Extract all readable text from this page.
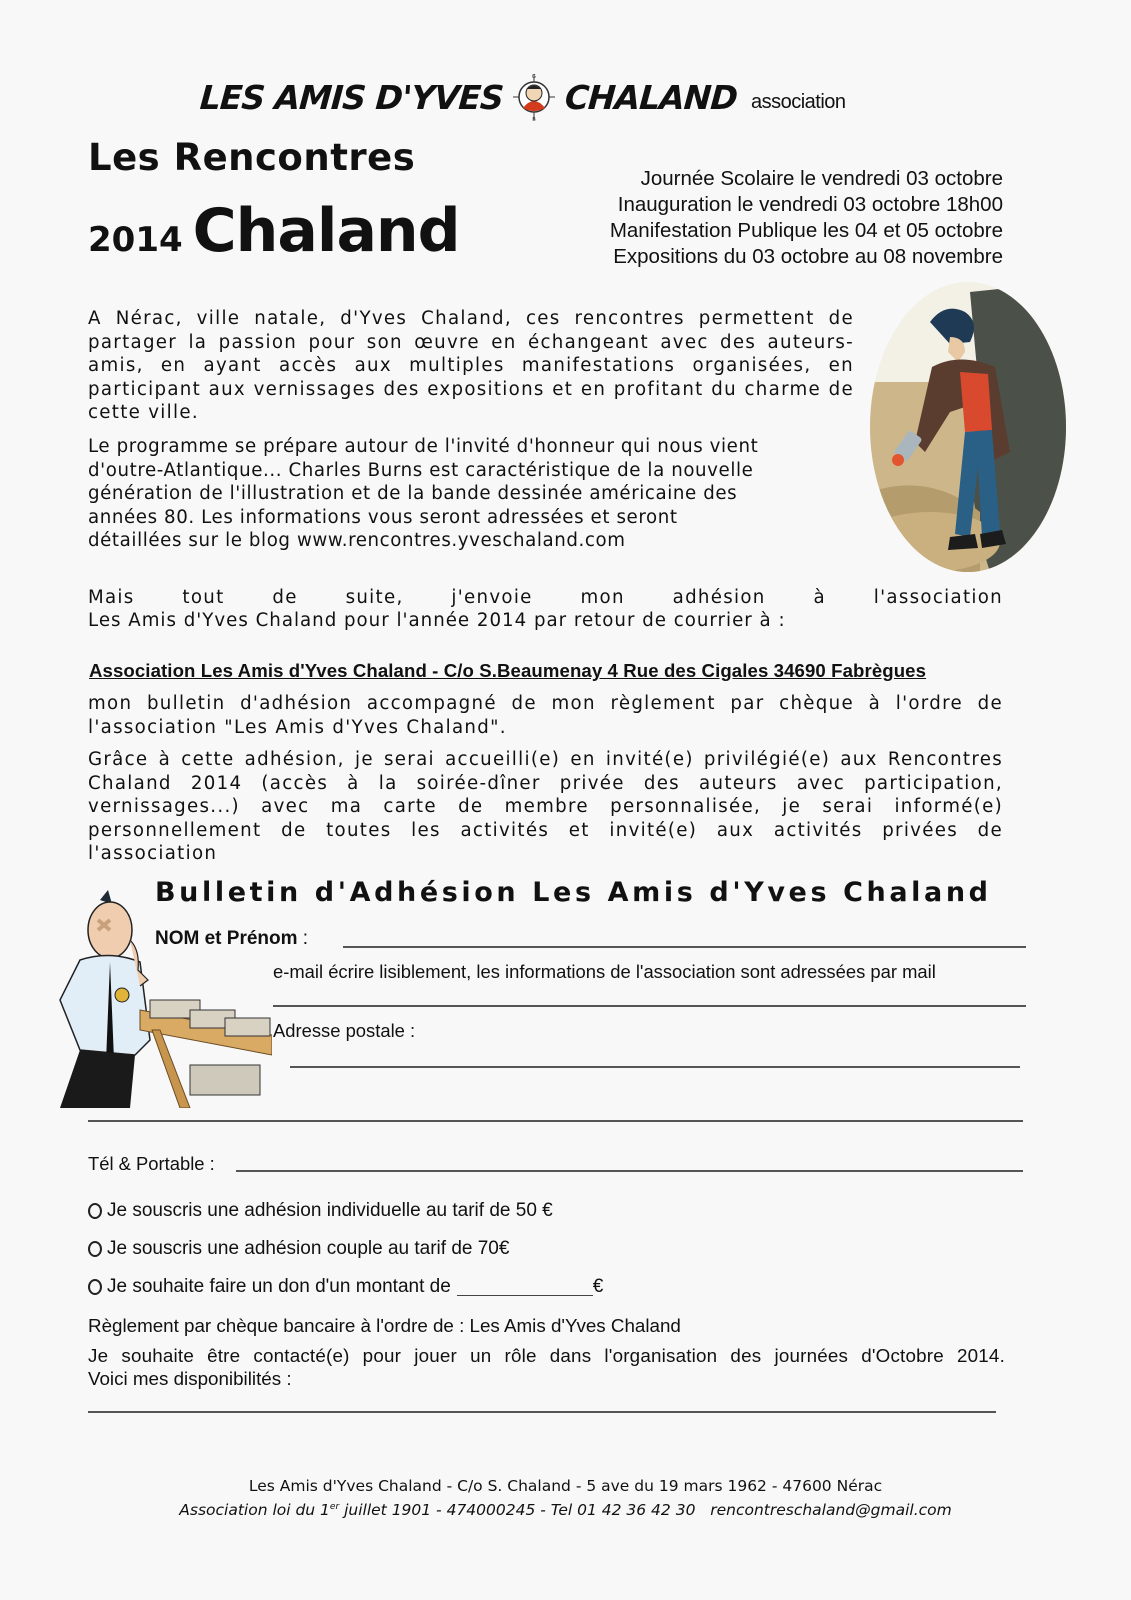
LES AMIS D'YVES
G
B
CHALAND association
Les Rencontres
2014 Chaland
Journée Scolaire le vendredi 03 octobre
Inauguration le vendredi 03 octobre 18h00
Manifestation Publique les 04 et 05 octobre
Expositions du 03 octobre au 08 novembre
A Nérac, ville natale, d'Yves Chaland, ces rencontres permettent de partager la passion pour son œuvre en échangeant avec des auteurs-amis, en ayant accès aux multiples manifestations organisées, en participant aux vernissages des expositions et en profitant du charme de cette ville.
Le programme se prépare autour de l'invité d'honneur qui nous vient
d'outre-Atlantique... Charles Burns est caractéristique de la nouvelle
génération de l'illustration et de la bande dessinée américaine des
années 80. Les informations vous seront adressées et seront
détaillées sur le blog www.rencontres.yveschaland.com
Mais tout de suite, j'envoie mon adhésion à l'association
Les Amis d'Yves Chaland pour l'année 2014 par retour de courrier à :
Association Les Amis d'Yves Chaland - C/o S.Beaumenay 4 Rue des Cigales 34690 Fabrègues
mon bulletin d'adhésion accompagné de mon règlement par chèque à l'ordre de l'association "Les Amis d'Yves Chaland".
Grâce à cette adhésion, je serai accueilli(e) en invité(e) privilégié(e) aux Rencontres Chaland 2014 (accès à la soirée-dîner privée des auteurs avec participation, vernissages...) avec ma carte de membre personnalisée, je serai informé(e) personnellement de toutes les activités et invité(e) aux activités privées de l'association
Bulletin d'Adhésion Les Amis d'Yves Chaland
NOM et Prénom :
e-mail écrire lisiblement, les informations de l'association sont adressées par mail
Adresse postale :
Tél & Portable :
Je souscris une adhésion individuelle au tarif de 50 €
Je souscris une adhésion couple au tarif de 70€
Je souhaite faire un don d'un montant de	€
Règlement par chèque bancaire à l'ordre de : Les Amis d'Yves Chaland
Je souhaite être contacté(e) pour jouer un rôle dans l'organisation des journées d'Octobre 2014.
Voici mes disponibilités :
Les Amis d'Yves Chaland - C/o S. Chaland - 5 ave du 19 mars 1962 - 47600 Nérac
Association loi du 1er juillet 1901 - 474000245 - Tel 01 42 36 42 30   rencontreschaland@gmail.com
